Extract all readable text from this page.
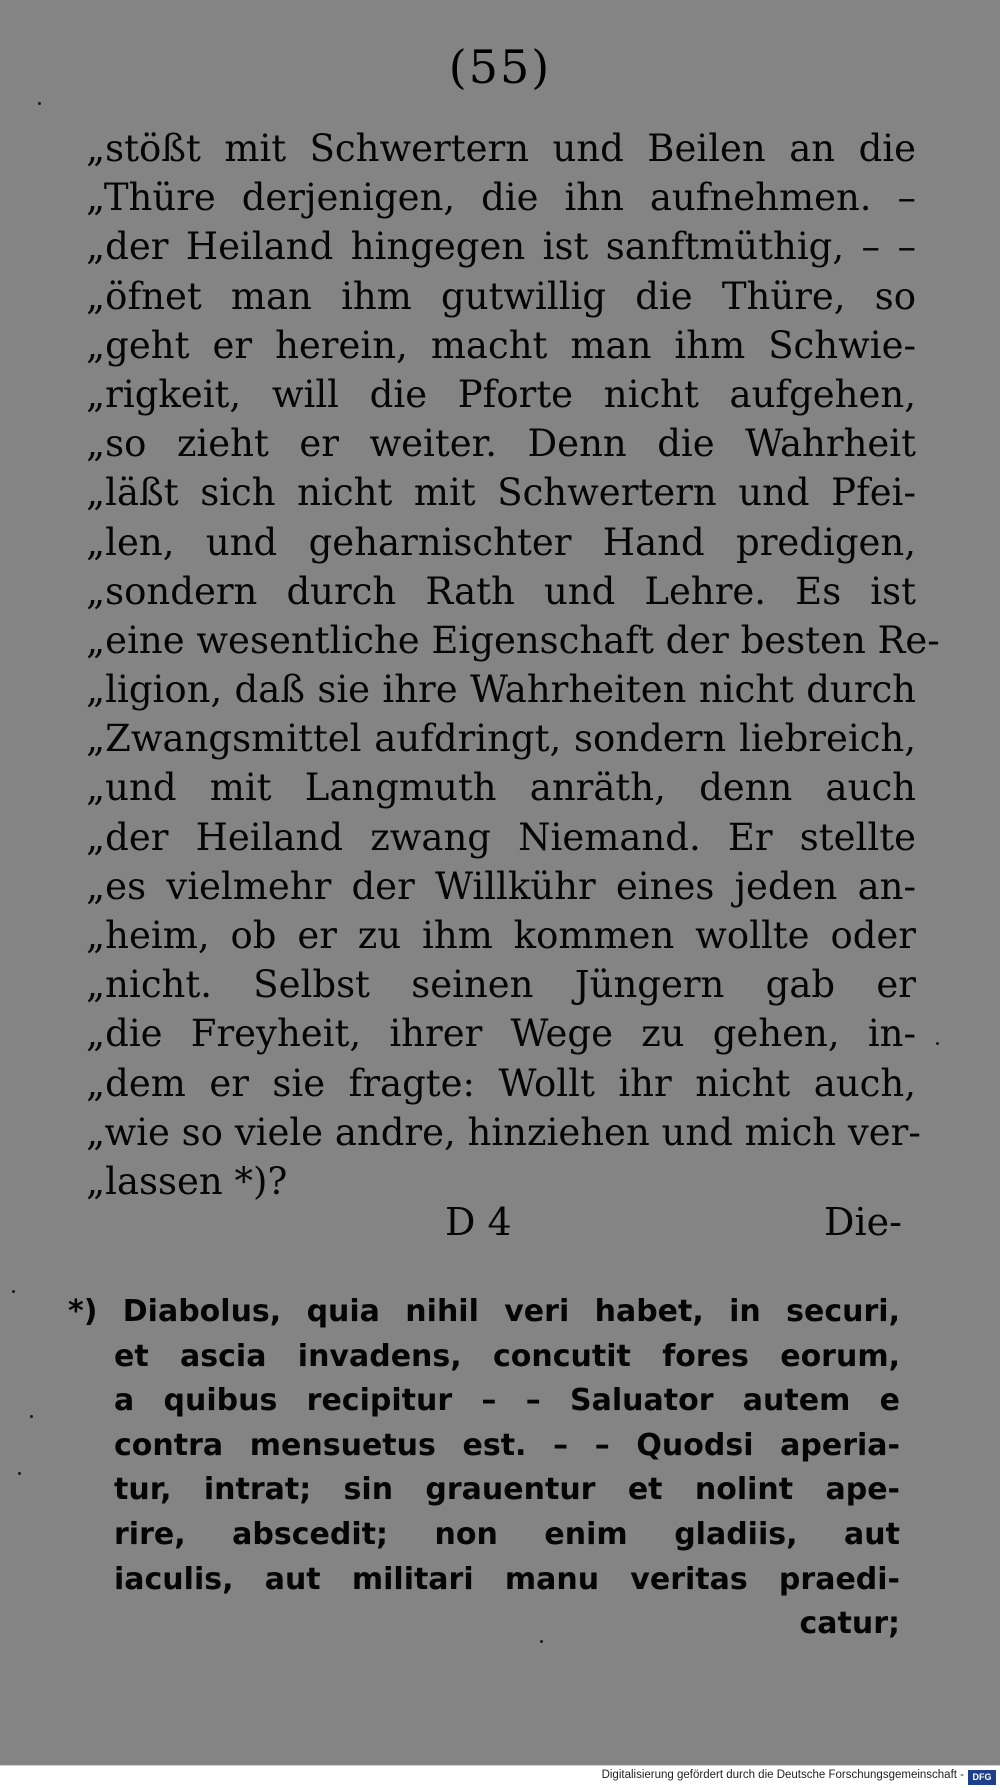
(55)
„stößt mit Schwertern und Beilen an die
„Thüre derjenigen, die ihn aufnehmen. –
„der Heiland hingegen ist sanftmüthig, – –
„öfnet man ihm gutwillig die Thüre, so
„geht er herein, macht man ihm Schwie-
„rigkeit, will die Pforte nicht aufgehen,
„so zieht er weiter. Denn die Wahrheit
„läßt sich nicht mit Schwertern und Pfei-
„len, und geharnischter Hand predigen,
„sondern durch Rath und Lehre. Es ist
„eine wesentliche Eigenschaft der besten Re-
„ligion, daß sie ihre Wahrheiten nicht durch
„Zwangsmittel aufdringt, sondern liebreich,
„und mit Langmuth anräth, denn auch
„der Heiland zwang Niemand. Er stellte
„es vielmehr der Willkühr eines jeden an-
„heim, ob er zu ihm kommen wollte oder
„nicht. Selbst seinen Jüngern gab er
„die Freyheit, ihrer Wege zu gehen, in-
„dem er sie fragte: Wollt ihr nicht auch,
„wie so viele andre, hinziehen und mich ver-
„lassen *)?
D 4	Die-
*) Diabolus, quia nihil veri habet, in securi,
et ascia invadens, concutit fores eorum,
a quibus recipitur – – Saluator autem e
contra mensuetus est. – – Quodsi aperia-
tur, intrat; sin grauentur et nolint ape-
rire, abscedit; non enim gladiis, aut
iaculis, aut militari manu veritas praedi-
catur;
Digitalisierung gefördert durch die Deutsche Forschungsgemeinschaft - DFG
